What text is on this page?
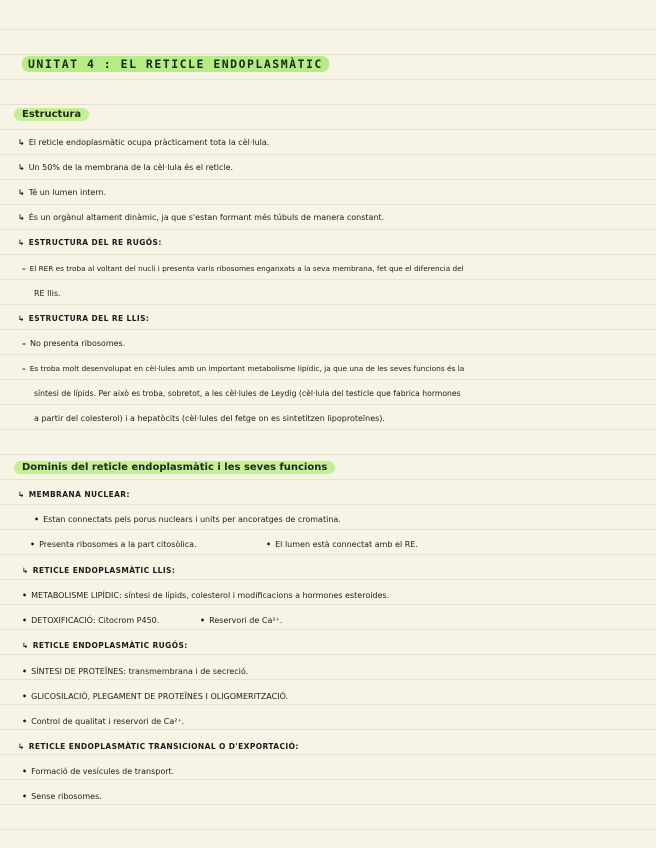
UNITAT 4 : EL RETICLE ENDOPLASMÀTIC
Estructura
↳ El reticle endoplasmàtic ocupa pràcticament tota la cèl·lula.
↳ Un 50% de la membrana de la cèl·lula és el reticle.
↳ Té un lumen intern.
↳ És un orgànul altament dinàmic, ja que s'estan formant més túbuls de manera constant.
↳ ESTRUCTURA DEL RE RUGÓS:
– El RER es troba al voltant del nucli i presenta varis ribosomes enganxats a la seva membrana, fet que el diferencia del
RE llis.
↳ ESTRUCTURA DEL RE LLIS:
– No presenta ribosomes.
– Es troba molt desenvolupat en cèl·lules amb un important metabolisme lipídic, ja que una de les seves funcions és la
síntesi de lípids. Per això es troba, sobretot, a les cèl·lules de Leydig (cèl·lula del testicle que fabrica hormones
a partir del colesterol) i a hepatòcits (cèl·lules del fetge on es sintetitzen lipoproteïnes).
Dominis del reticle endoplasmàtic i les seves funcions
↳ MEMBRANA NUCLEAR:
• Estan connectats pels porus nuclears i units per ancoratges de cromatina.
• Presenta ribosomes a la part citosòlica.	• El lumen està connectat amb el RE.
↳ RETICLE ENDOPLASMÀTIC LLIS:
• METABOLISME LIPÍDIC: síntesi de lípids, colesterol i modificacions a hormones esteroides.
• DETOXIFICACIÓ: Citocrom P450.	• Reservori de Ca²⁺.
↳ RETICLE ENDOPLASMÀTIC RUGÓS:
• SÍNTESI DE PROTEÏNES: transmembrana i de secreció.
• GLICOSILACIÓ, PLEGAMENT DE PROTEÏNES I OLIGOMERITZACIÓ.
• Control de qualitat i reservori de Ca²⁺.
↳ RETICLE ENDOPLASMÀTIC TRANSICIONAL O D'EXPORTACIÓ:
• Formació de vesícules de transport.
• Sense ribosomes.
